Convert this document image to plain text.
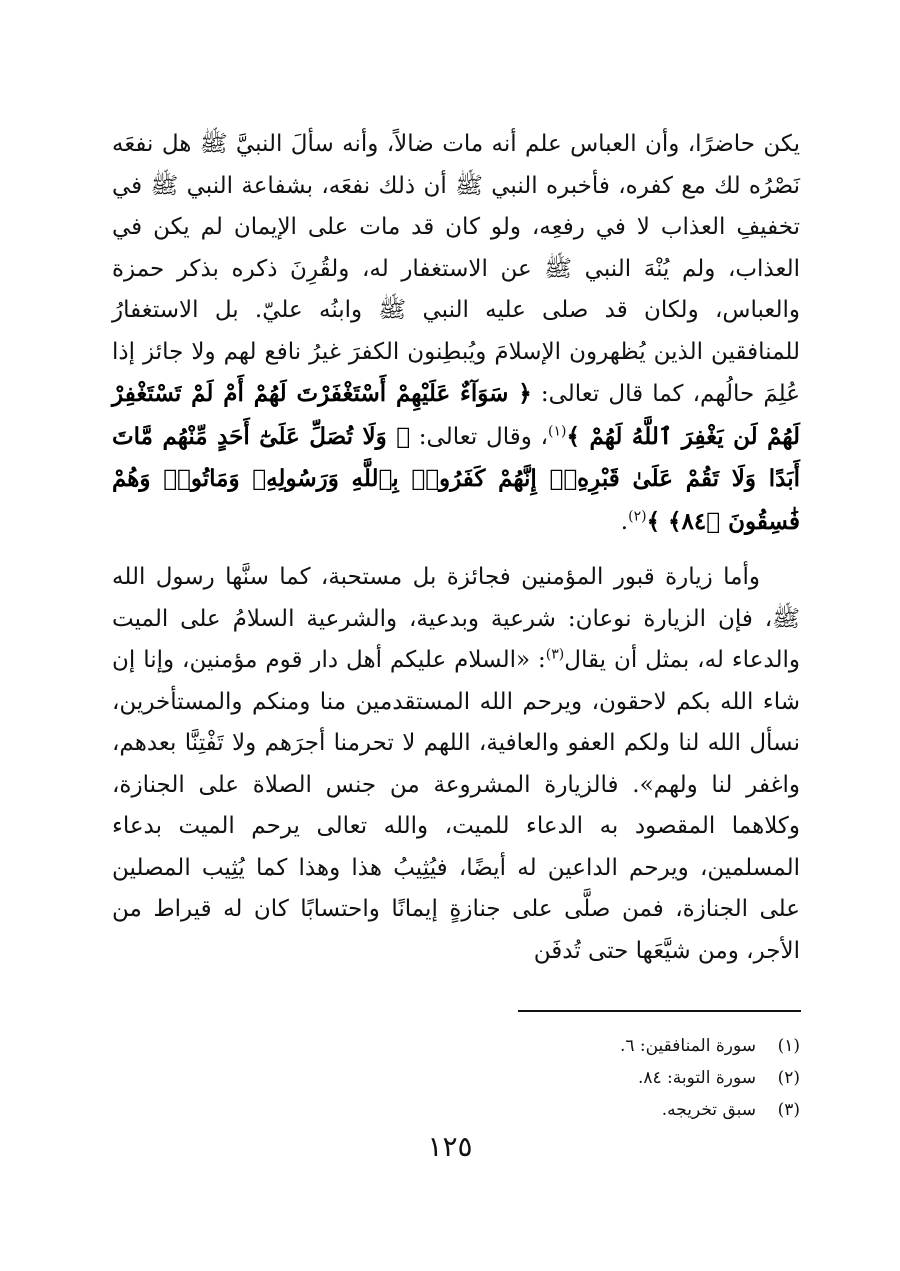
يكن حاضرًا، وأن العباس علم أنه مات ضالاً، وأنه سألَ النبيَّ ﷺ هل نفعَه نَصْرُه لك مع كفره، فأخبره النبي ﷺ أن ذلك نفعَه، بشفاعة النبي ﷺ في تخفيفِ العذاب لا في رفعِه، ولو كان قد مات على الإيمان لم يكن في العذاب، ولم يُنْهَ النبي ﷺ عن الاستغفار له، ولقُرِنَ ذكره بذكر حمزة والعباس، ولكان قد صلى عليه النبي ﷺ وابنُه عليّ. بل الاستغفارُ للمنافقين الذين يُظهرون الإسلامَ ويُبطِنون الكفرَ غيرُ نافع لهم ولا جائز إذا عُلِمَ حالُهم، كما قال تعالى: ﴿ سَوَآءٌ عَلَيْهِمْ أَسْتَغْفَرْتَ لَهُمْ أَمْ لَمْ تَسْتَغْفِرْ لَهُمْ لَن يَغْفِرَ ٱللَّهُ لَهُمْ ﴾$^{(١)}$، وقال تعالى: ﴿ وَلَا تُصَلِّ عَلَىٰٓ أَحَدٍ مِّنْهُم مَّاتَ أَبَدًا وَلَا تَقُمْ عَلَىٰ قَبْرِهِۦٓ إِنَّهُمْ كَفَرُوا۟ بِٱللَّهِ وَرَسُولِهِۦ وَمَاتُوا۟ وَهُمْ فَٰسِقُونَ ﴿٨٤﴾ ﴾$^{(٢)}$.

وأما زيارة قبور المؤمنين فجائزة بل مستحبة، كما سنَّها رسول الله ﷺ، فإن الزيارة نوعان: شرعية وبدعية، والشرعية السلامُ على الميت والدعاء له، بمثل أن يقال$^{(٣)}$: «السلام عليكم أهل دار قوم مؤمنين، وإنا إن شاء الله بكم لاحقون، ويرحم الله المستقدمين منا ومنكم والمستأخرين، نسأل الله لنا ولكم العفو والعافية، اللهم لا تحرمنا أجرَهم ولا تَفْتِنَّا بعدهم، واغفر لنا ولهم». فالزيارة المشروعة من جنس الصلاة على الجنازة، وكلاهما المقصود به الدعاء للميت، والله تعالى يرحم الميت بدعاء المسلمين، ويرحم الداعين له أيضًا، فيُثِيبُ هذا وهذا كما يُثِيب المصلين على الجنازة، فمن صلَّى على جنازةٍ إيمانًا واحتسابًا كان له قيراط من الأجر، ومن شيَّعَها حتى تُدفَن

(١)سورة المنافقين: ٦.
(٢)سورة التوبة: ٨٤.
(٣)سبق تخريجه.
١٢٥
